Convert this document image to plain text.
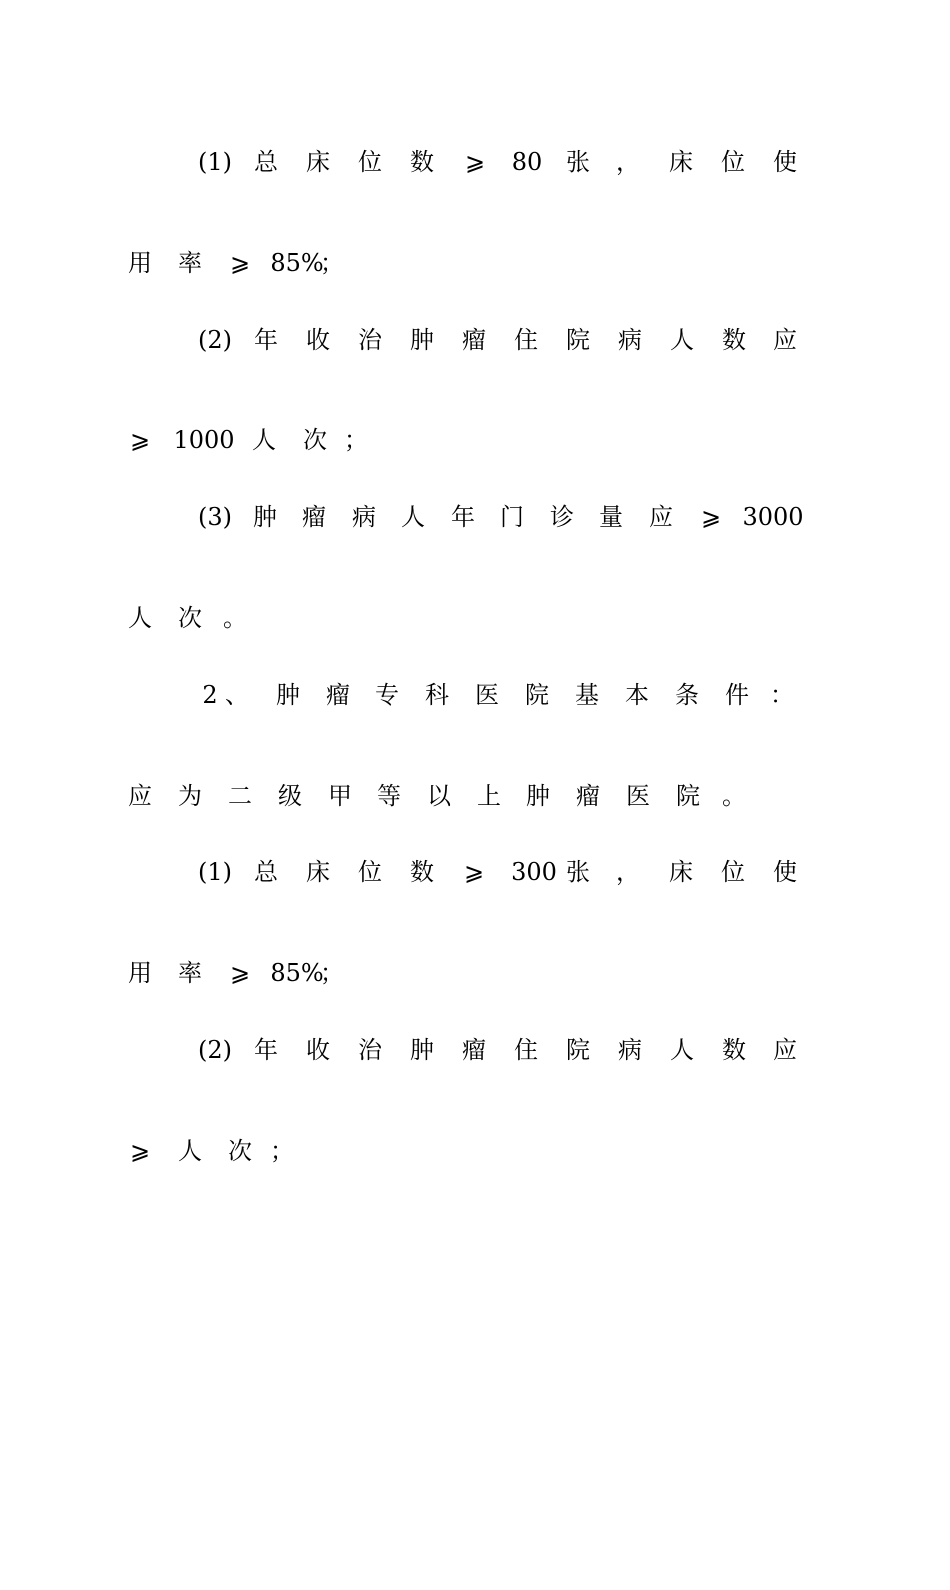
(1)

总

床

位

数

⩾

80

张

，

床

位

使

用

率

⩾

85%

；

(2)

年

收

治

肿

瘤

住

院

病

人

数

应

⩾

1000

人

次

；

(3)

肿

瘤

病

人

年

门

诊

量

应

⩾

3000

人

次

。

2

、

肿

瘤

专

科

医

院

基

本

条

件

：

应

为

二

级

甲

等

以

上

肿

瘤

医

院

。

(1)

总

床

位

数

⩾

300

张

，

床

位

使

用

率

⩾

85%

；

(2)

年

收

治

肿

瘤

住

院

病

人

数

应

⩾

人

次

；
